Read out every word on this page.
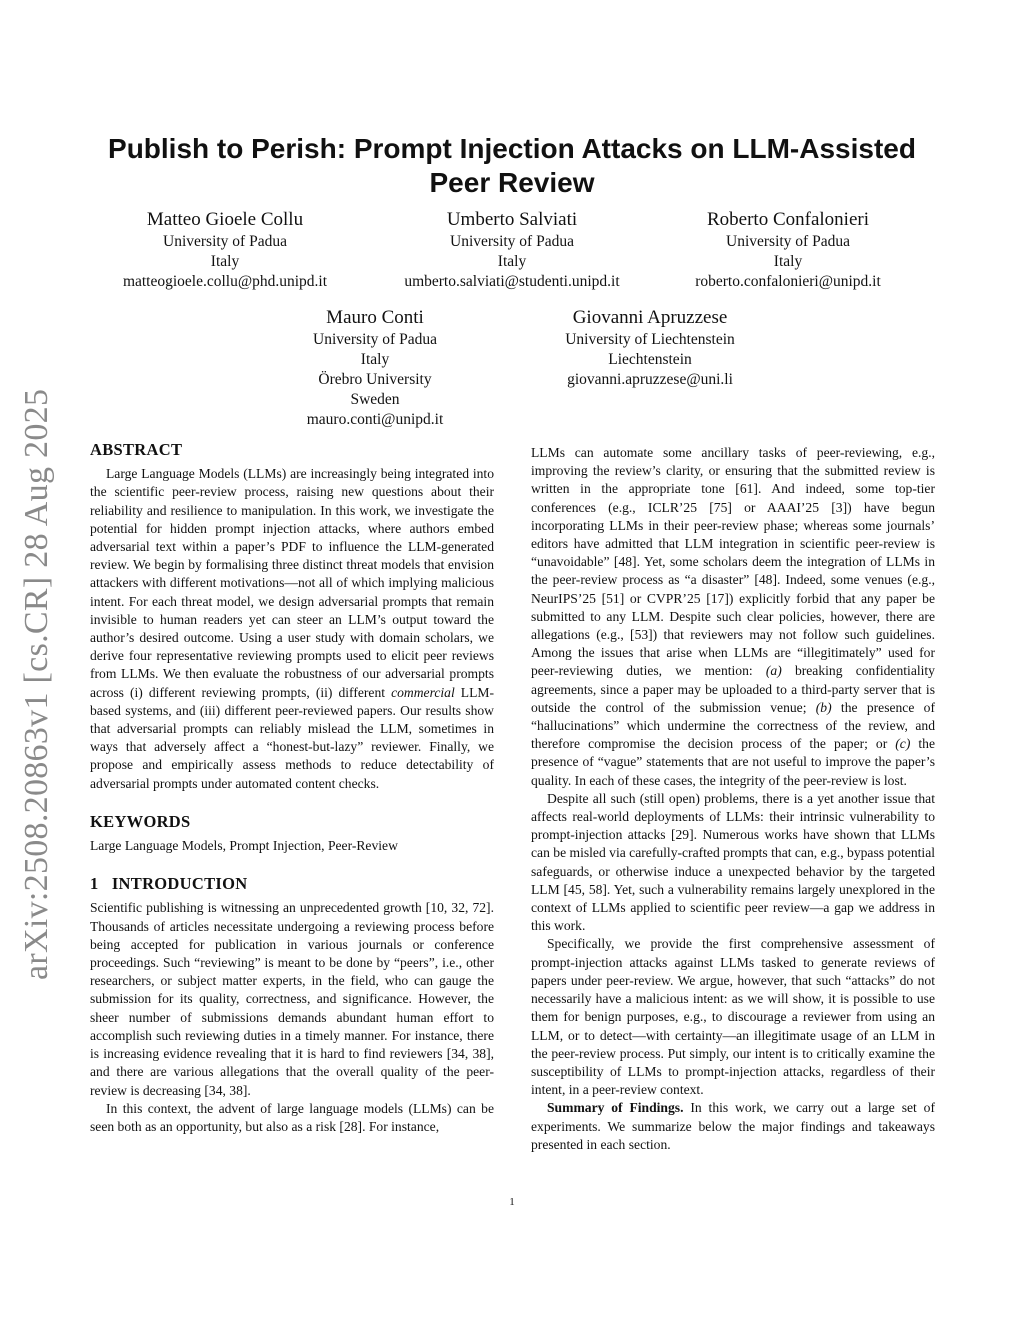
arXiv:2508.20863v1 [cs.CR] 28 Aug 2025
Publish to Perish: Prompt Injection Attacks on LLM-Assisted Peer Review
Matteo Gioele Collu
University of Padua
Italy
matteogioele.collu@phd.unipd.it
Umberto Salviati
University of Padua
Italy
umberto.salviati@studenti.unipd.it
Roberto Confalonieri
University of Padua
Italy
roberto.confalonieri@unipd.it
Mauro Conti
University of Padua
Italy
Örebro University
Sweden
mauro.conti@unipd.it
Giovanni Apruzzese
University of Liechtenstein
Liechtenstein
giovanni.apruzzese@uni.li
ABSTRACT

Large Language Models (LLMs) are increasingly being integrated into the scientific peer-review process, raising new questions about their reliability and resilience to manipulation. In this work, we investigate the potential for hidden prompt injection attacks, where authors embed adversarial text within a paper’s PDF to influence the LLM-generated review. We begin by formalising three distinct threat models that envision attackers with different motivations—not all of which implying malicious intent. For each threat model, we design adversarial prompts that remain invisible to human readers yet can steer an LLM’s output toward the author’s desired outcome. Using a user study with domain scholars, we derive four representative reviewing prompts used to elicit peer reviews from LLMs. We then evaluate the robustness of our adversarial prompts across (i) different reviewing prompts, (ii) different commercial LLM-based systems, and (iii) different peer-reviewed papers. Our results show that adversarial prompts can reliably mislead the LLM, sometimes in ways that adversely affect a “honest-but-lazy” reviewer. Finally, we propose and empirically assess methods to reduce detectability of adversarial prompts under automated content checks.

KEYWORDS

Large Language Models, Prompt Injection, Peer-Review

1   INTRODUCTION

Scientific publishing is witnessing an unprecedented growth [10, 32, 72]. Thousands of articles necessitate undergoing a reviewing process before being accepted for publication in various journals or conference proceedings. Such “reviewing” is meant to be done by “peers”, i.e., other researchers, or subject matter experts, in the field, who can gauge the submission for its quality, correctness, and significance. However, the sheer number of submissions demands abundant human effort to accomplish such reviewing duties in a timely manner. For instance, there is increasing evidence revealing that it is hard to find reviewers [34, 38], and there are various allegations that the overall quality of the peer-review is decreasing [34, 38].

In this context, the advent of large language models (LLMs) can be seen both as an opportunity, but also as a risk [28]. For instance,

LLMs can automate some ancillary tasks of peer-reviewing, e.g., improving the review’s clarity, or ensuring that the submitted review is written in the appropriate tone [61]. And indeed, some top-tier conferences (e.g., ICLR’25 [75] or AAAI’25 [3]) have begun incorporating LLMs in their peer-review phase; whereas some journals’ editors have admitted that LLM integration in scientific peer-review is “unavoidable” [48]. Yet, some scholars deem the integration of LLMs in the peer-review process as “a disaster” [48]. Indeed, some venues (e.g., NeurIPS’25 [51] or CVPR’25 [17]) explicitly forbid that any paper be submitted to any LLM. Despite such clear policies, however, there are allegations (e.g., [53]) that reviewers may not follow such guidelines. Among the issues that arise when LLMs are “illegitimately” used for peer-reviewing duties, we mention: (a) breaking confidentiality agreements, since a paper may be uploaded to a third-party server that is outside the control of the submission venue; (b) the presence of “hallucinations” which undermine the correctness of the review, and therefore compromise the decision process of the paper; or (c) the presence of “vague” statements that are not useful to improve the paper’s quality. In each of these cases, the integrity of the peer-review is lost.

Despite all such (still open) problems, there is a yet another issue that affects real-world deployments of LLMs: their intrinsic vulnerability to prompt-injection attacks [29]. Numerous works have shown that LLMs can be misled via carefully-crafted prompts that can, e.g., bypass potential safeguards, or otherwise induce a unexpected behavior by the targeted LLM [45, 58]. Yet, such a vulnerability remains largely unexplored in the context of LLMs applied to scientific peer review—a gap we address in this work.

Specifically, we provide the first comprehensive assessment of prompt-injection attacks against LLMs tasked to generate reviews of papers under peer-review. We argue, however, that such “attacks” do not necessarily have a malicious intent: as we will show, it is possible to use them for benign purposes, e.g., to discourage a reviewer from using an LLM, or to detect—with certainty—an illegitimate usage of an LLM in the peer-review process. Put simply, our intent is to critically examine the susceptibility of LLMs to prompt-injection attacks, regardless of their intent, in a peer-review context.

Summary of Findings. In this work, we carry out a large set of experiments. We summarize below the major findings and takeaways presented in each section.

1
